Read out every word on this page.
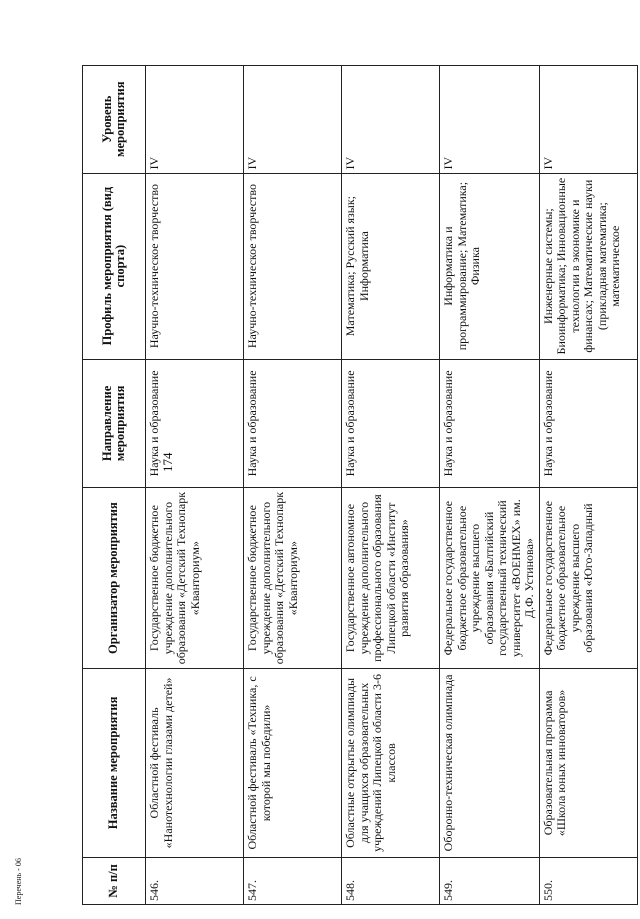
174
№ п/п	Название мероприятия	Организатор мероприятия	Направление мероприятия	Профиль мероприятия (вид спорта)	Уровень мероприятия
546.	Областной фестиваль «Нанотехнологии глазами детей»	Государственное бюджетное учреждение дополнительного образования «Детский Технопарк «Кванториум»	Наука и образование	Научно-техническое творчество	IV
547.	Областной фестиваль «Техника, с которой мы победили»	Государственное бюджетное учреждение дополнительного образования «Детский Технопарк «Кванториум»	Наука и образование	Научно-техническое творчество	IV
548.	Областные открытые олимпиады для учащихся образовательных учреждений Липецкой области 3-6 классов	Государственное автономное учреждение дополнительного профессионального образования Липецкой области «Институт развития образования»	Наука и образование	Математика; Русский язык; Информатика	IV
549.	Оборонно-техническая олимпиада	Федеральное государственное бюджетное образовательное учреждение высшего образования «Балтийский государственный технический университет «ВОЕНМЕХ» им. Д.Ф. Устинова»	Наука и образование	Информатика и программирование; Математика; Физика	IV
550.	Образовательная программа «Школа юных инноваторов»	Федеральное государственное бюджетное образовательное учреждение высшего образования «Юго-Западный	Наука и образование	Инженерные системы; Биоинформатика; Инновационные технологии в экономике и финансах; Математические науки (прикладная математика; математическое	IV
Перечень - 06
